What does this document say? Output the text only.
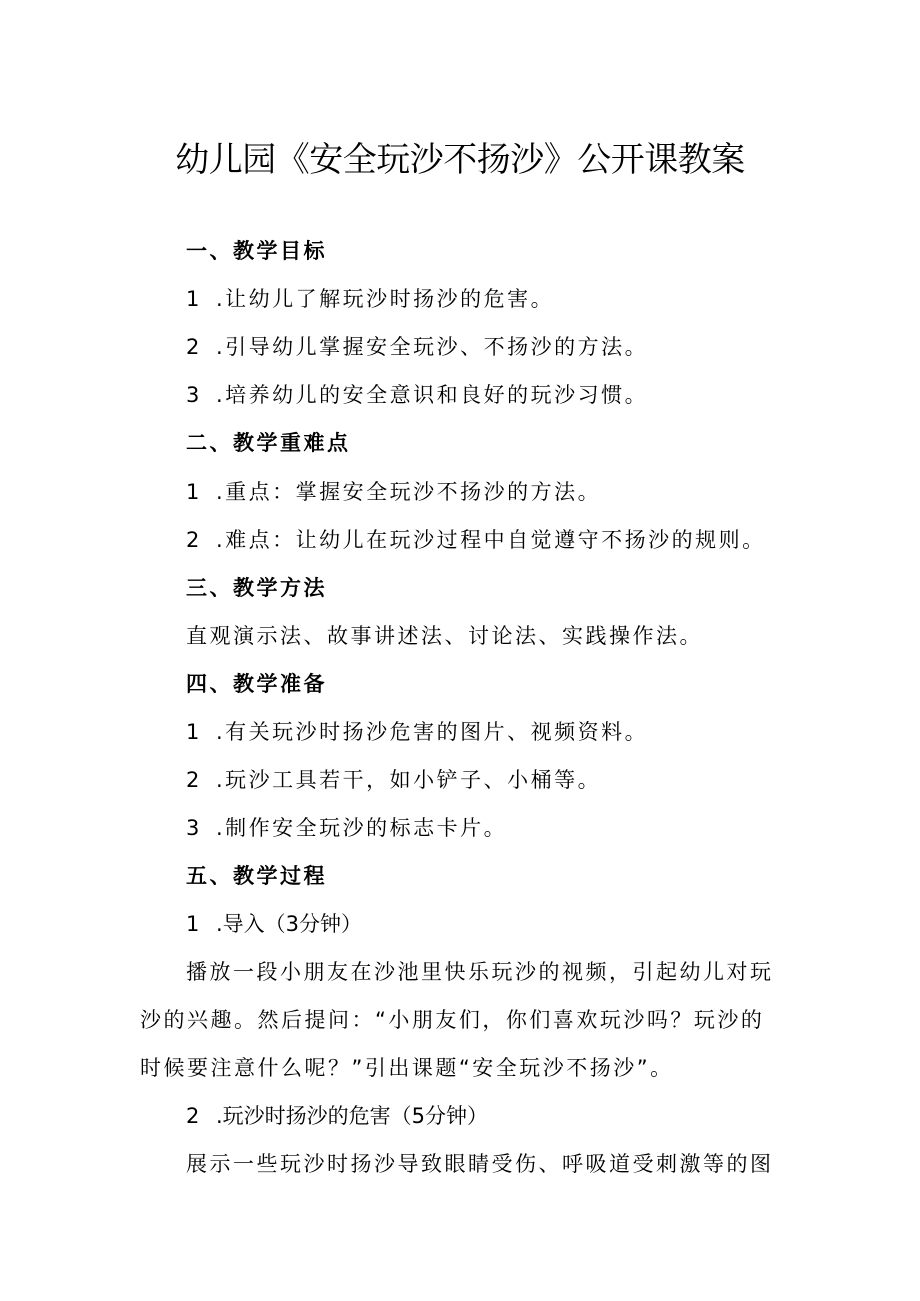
幼儿园《安全玩沙不扬沙》公开课教案
一、教学目标
1 .让幼儿了解玩沙时扬沙的危害。
2 .引导幼儿掌握安全玩沙、不扬沙的方法。
3 .培养幼儿的安全意识和良好的玩沙习惯。
二、教学重难点
1 .重点：掌握安全玩沙不扬沙的方法。
2 .难点：让幼儿在玩沙过程中自觉遵守不扬沙的规则。
三、教学方法
直观演示法、故事讲述法、讨论法、实践操作法。
四、教学准备
1 .有关玩沙时扬沙危害的图片、视频资料。
2 .玩沙工具若干，如小铲子、小桶等。
3 .制作安全玩沙的标志卡片。
五、教学过程
1 .导入（3分钟）
播放一段小朋友在沙池里快乐玩沙的视频，引起幼儿对玩
沙的兴趣。然后提问：“小朋友们，你们喜欢玩沙吗？玩沙的
时候要注意什么呢？”引出课题“安全玩沙不扬沙”。
2 .玩沙时扬沙的危害（5分钟）
展示一些玩沙时扬沙导致眼睛受伤、呼吸道受刺激等的图
